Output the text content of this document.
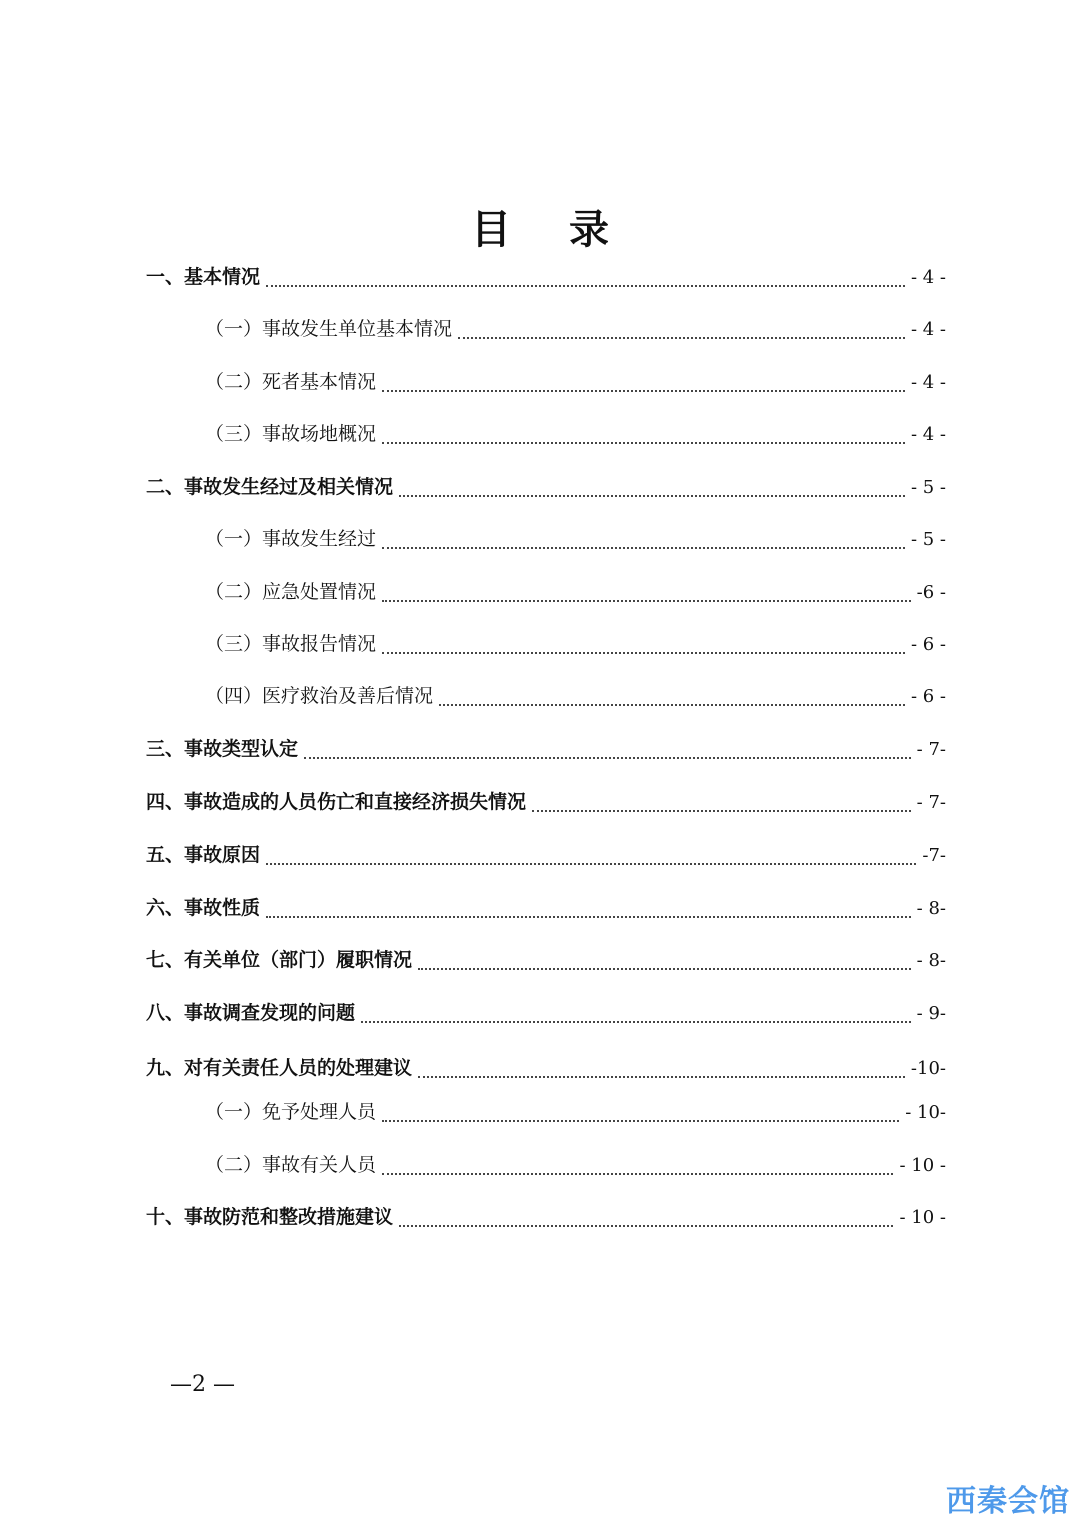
目 录
一、基本情况	- 4 -
（一）事故发生单位基本情况	- 4 -
（二）死者基本情况	- 4 -
（三）事故场地概况	- 4 -
二、事故发生经过及相关情况	- 5 -
（一）事故发生经过	- 5 -
（二）应急处置情况	-6 -
（三）事故报告情况	- 6 -
（四）医疗救治及善后情况	- 6 -
三、事故类型认定	- 7-
四、事故造成的人员伤亡和直接经济损失情况	- 7-
五、事故原因	-7-
六、事故性质	- 8-
七、有关单位（部门）履职情况	- 8-
八、事故调查发现的问题	- 9-
九、对有关责任人员的处理建议	-10-
（一）免予处理人员	- 10-
（二）事故有关人员	- 10 -
十、事故防范和整改措施建议	- 10 -
—2 —
西秦会馆
